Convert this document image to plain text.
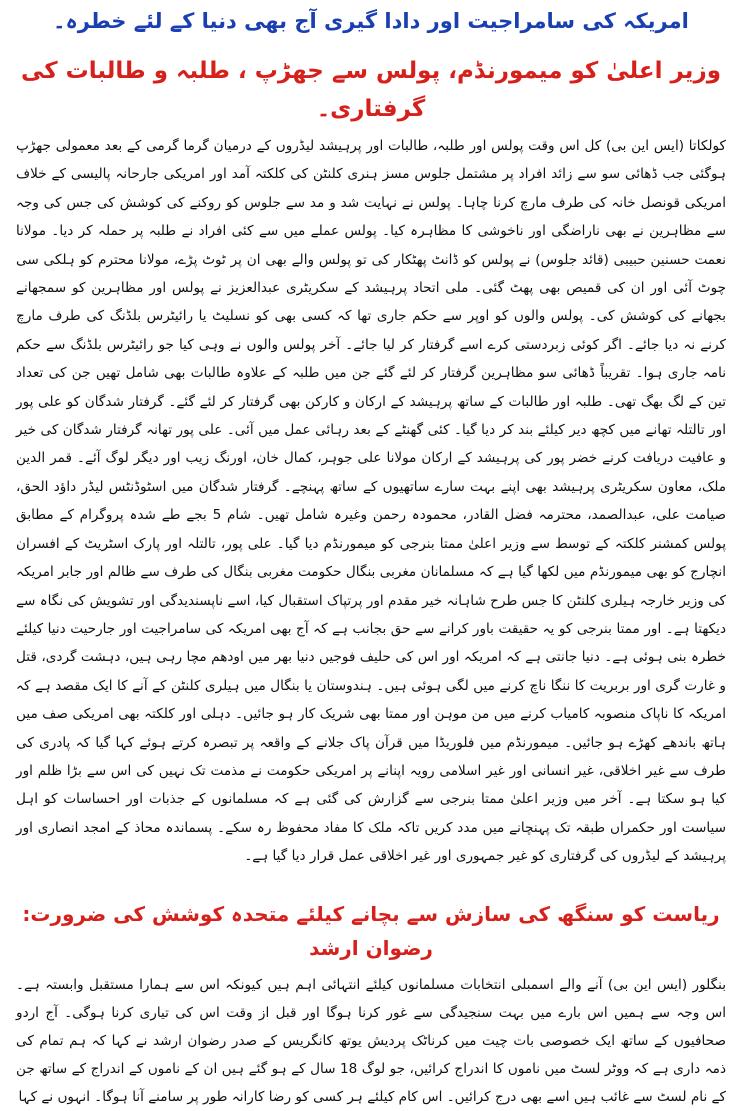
امریکہ کی سامراجیت اور دادا گیری آج بھی دنیا کے لئے خطرہ۔
وزیر اعلیٰ کو میمورنڈم، پولس سے جھڑپ ، طلبہ و طالبات کی گرفتاری۔

کولکاتا (ایس این بی) کل اس وقت پولس اور طلبہ، طالبات اور پرہیشد لیڈروں کے درمیان گرما گرمی کے بعد معمولی جھڑپ ہوگئی جب ڈھائی سو سے زائد افراد پر مشتمل جلوس مسز ہنری کلنٹن کی کلکتہ آمد اور امریکی جارحانہ پالیسی کے خلاف امریکی قونصل خانہ کی طرف مارچ کرنا چاہا۔ پولس نے نہایت شد و مد سے جلوس کو روکنے کی کوشش کی جس کی وجہ سے مظاہرین نے بھی ناراضگی اور ناخوشی کا مظاہرہ کیا۔ پولس عملے میں سے کئی افراد نے طلبہ پر حملہ کر دیا۔ مولانا نعمت حسنین حبیبی (قائد جلوس) نے پولس کو ڈانٹ پھٹکار کی تو پولس والے بھی ان پر ٹوٹ پڑے، مولانا محترم کو ہلکی سی چوٹ آئی اور ان کی قمیص بھی پھٹ گئی۔ ملی اتحاد پرہیشد کے سکریٹری عبدالعزیز نے پولس اور مظاہرین کو سمجھانے بجھانے کی کوشش کی۔ پولس والوں کو اوپر سے حکم جاری تھا کہ کسی بھی کو نسلیٹ یا رائیٹرس بلڈنگ کی طرف مارچ کرنے نہ دیا جائے۔ اگر کوئی زبردستی کرے اسے گرفتار کر لیا جائے۔ آخر پولس والوں نے وہی کیا جو رائیٹرس بلڈنگ سے حکم نامہ جاری ہوا۔ تقریباً ڈھائی سو مظاہرین گرفتار کر لئے گئے جن میں طلبہ کے علاوہ طالبات بھی شامل تھیں جن کی تعداد تین کے لگ بھگ تھی۔ طلبہ اور طالبات کے ساتھ پرہیشد کے ارکان و کارکن بھی گرفتار کر لئے گئے۔ گرفتار شدگان کو علی پور اور تالتلہ تھانے میں کچھ دیر کیلئے بند کر دیا گیا۔ کئی گھنٹے کے بعد رہائی عمل میں آئی۔ علی پور تھانہ گرفتار شدگان کی خیر و عافیت دریافت کرنے خضر پور کی پرہیشد کے ارکان مولانا علی جوہر، کمال خان، اورنگ زیب اور دیگر لوگ آئے۔ قمر الدین ملک، معاون سکریٹری پرہیشد بھی اپنے بہت سارے ساتھیوں کے ساتھ پہنچے۔ گرفتار شدگان میں اسٹوڈنٹس لیڈر داؤد الحق، صیامت علی، عبدالصمد، محترمہ فضل القادر، محمودہ رحمن وغیرہ شامل تھیں۔ شام 5 بجے طے شدہ پروگرام کے مطابق پولس کمشنر کلکتہ کے توسط سے وزیر اعلیٰ ممتا بنرجی کو میمورنڈم دیا گیا۔ علی پور، تالتلہ اور پارک اسٹریٹ کے افسران انچارج کو بھی میمورنڈم میں لکھا گیا ہے کہ مسلمانان مغربی بنگال حکومت مغربی بنگال کی طرف سے ظالم اور جابر امریکہ کی وزیر خارجہ ہیلری کلنٹن کا جس طرح شاہانہ خیر مقدم اور پرتپاک استقبال کیا، اسے ناپسندیدگی اور تشویش کی نگاہ سے دیکھتا ہے۔ اور ممتا بنرجی کو یہ حقیقت باور کرانے سے حق بجانب ہے کہ آج بھی امریکہ کی سامراجیت اور جارحیت دنیا کیلئے خطرہ بنی ہوئی ہے۔ دنیا جانتی ہے کہ امریکہ اور اس کی حلیف فوجیں دنیا بھر میں اودھم مچا رہی ہیں، دہشت گردی، قتل و غارت گری اور بربریت کا ننگا ناچ کرنے میں لگی ہوئی ہیں۔ ہندوستان یا بنگال میں ہیلری کلنٹن کے آنے کا ایک مقصد ہے کہ امریکہ کا ناپاک منصوبہ کامیاب کرنے میں من موہن اور ممتا بھی شریک کار ہو جائیں۔ دہلی اور کلکتہ بھی امریکی صف میں ہاتھ باندھے کھڑے ہو جائیں۔ میمورنڈم میں فلوریڈا میں قرآن پاک جلانے کے واقعہ پر تبصرہ کرتے ہوئے کہا گیا کہ پادری کی طرف سے غیر اخلاقی، غیر انسانی اور غیر اسلامی رویہ اپنانے پر امریکی حکومت نے مذمت تک نہیں کی اس سے بڑا ظلم اور کیا ہو سکتا ہے۔ آخر میں وزیر اعلیٰ ممتا بنرجی سے گزارش کی گئی ہے کہ مسلمانوں کے جذبات اور احساسات کو اہل سیاست اور حکمراں طبقہ تک پہنچانے میں مدد کریں تاکہ ملک کا مفاد محفوظ رہ سکے۔ پسماندہ محاذ کے امجد انصاری اور پرہیشد کے لیڈروں کی گرفتاری کو غیر جمہوری اور غیر اخلاقی عمل قرار دیا گیا ہے۔

ریاست کو سنگھ کی سازش سے بچانے کیلئے متحدہ کوشش کی ضرورت: رضوان ارشد

بنگلور (ایس این بی) آنے والے اسمبلی انتخابات مسلمانوں کیلئے انتہائی اہم ہیں کیونکہ اس سے ہمارا مستقبل وابستہ ہے۔ اس وجہ سے ہمیں اس بارے میں بہت سنجیدگی سے غور کرنا ہوگا اور قبل از وقت اس کی تیاری کرنا ہوگی۔ آج اردو صحافیوں کے ساتھ ایک خصوصی بات چیت میں کرناٹک پردیش یوتھ کانگریس کے صدر رضوان ارشد نے کہا کہ ہم تمام کی ذمہ داری ہے کہ ووٹر لسٹ میں ناموں کا اندراج کرائیں، جو لوگ 18 سال کے ہو گئے ہیں ان کے ناموں کے اندراج کے ساتھ جن کے نام لسٹ سے غائب ہیں اسے بھی درج کرائیں۔ اس کام کیلئے ہر کسی کو رضا کارانہ طور پر سامنے آنا ہوگا۔ انہوں نے کہا
